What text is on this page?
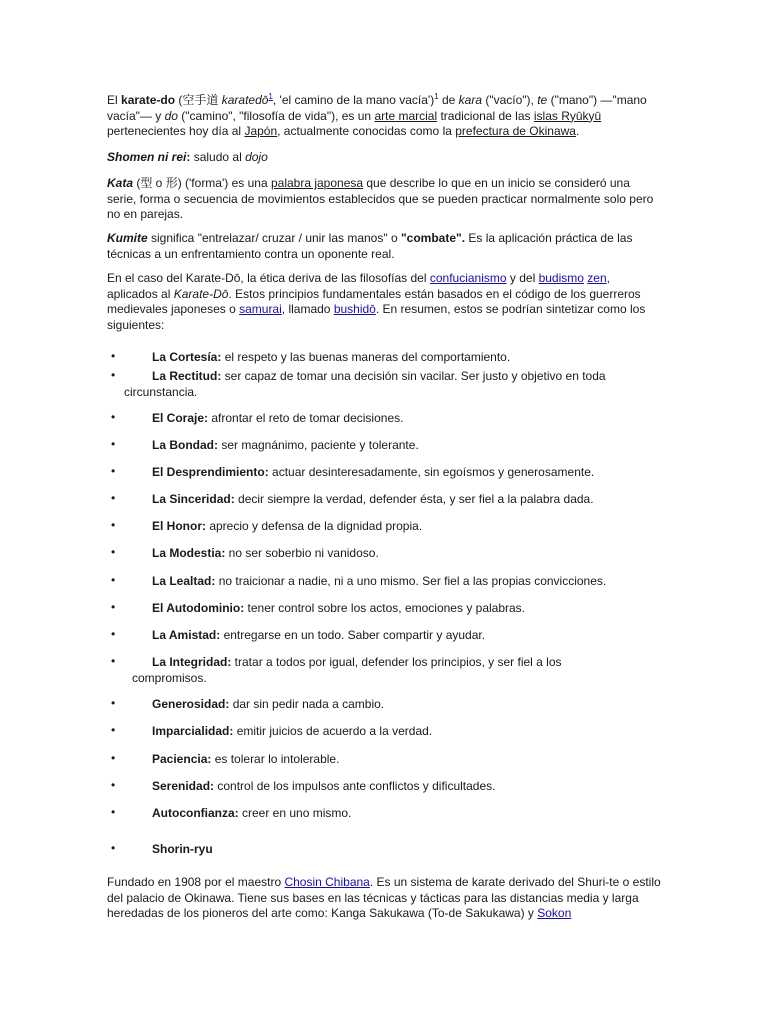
El karate-do (空手道 karatedō$^1$, 'el camino de la mano vacía')$^1$ de kara ("vacío"), te ("mano") —"mano vacía"— y do ("camino", "filosofía de vida"), es un arte marcial tradicional de las islas Ryūkyū pertenecientes hoy día al Japón, actualmente conocidas como la prefectura de Okinawa.

Shomen ni rei: saludo al dojo

Kata (型 o 形) ('forma') es una palabra japonesa que describe lo que en un inicio se consideró una serie, forma o secuencia de movimientos establecidos que se pueden practicar normalmente solo pero no en parejas.

Kumite significa "entrelazar/ cruzar / unir las manos" o "combate". Es la aplicación práctica de las técnicas a un enfrentamiento contra un oponente real.

En el caso del Karate-Dō, la ética deriva de las filosofías del confucianismo y del budismo zen, aplicados al Karate-Dō. Estos principios fundamentales están basados en el código de los guerreros medievales japoneses o samurai, llamado bushidō. En resumen, estos se podrían sintetizar como los siguientes:

•	La Cortesía: el respeto y las buenas maneras del comportamiento.
•	La Rectitud: ser capaz de tomar una decisión sin vacilar. Ser justo y objetivo en toda
circunstancia.
•	El Coraje: afrontar el reto de tomar decisiones.
•	La Bondad: ser magnánimo, paciente y tolerante.
•	El Desprendimiento: actuar desinteresadamente, sin egoísmos y generosamente.
•	La Sinceridad: decir siempre la verdad, defender ésta, y ser fiel a la palabra dada.
•	El Honor: aprecio y defensa de la dignidad propia.
•	La Modestia: no ser soberbio ni vanidoso.
•	La Lealtad: no traicionar a nadie, ni a uno mismo. Ser fiel a las propias convicciones.
•	El Autodominio: tener control sobre los actos, emociones y palabras.
•	La Amistad: entregarse en un todo. Saber compartir y ayudar.
•	La Integridad: tratar a todos por igual, defender los principios, y ser fiel a los
compromisos.
•	Generosidad: dar sin pedir nada a cambio.
•	Imparcialidad: emitir juicios de acuerdo a la verdad.
•	Paciencia: es tolerar lo intolerable.
•	Serenidad: control de los impulsos ante conflictos y dificultades.
•	Autoconfianza: creer en uno mismo.
•	Shorin-ryu

Fundado en 1908 por el maestro Chosin Chibana. Es un sistema de karate derivado del Shuri-te o estilo del palacio de Okinawa. Tiene sus bases en las técnicas y tácticas para las distancias media y larga heredadas de los pioneros del arte como: Kanga Sakukawa (To-de Sakukawa) y Sokon
